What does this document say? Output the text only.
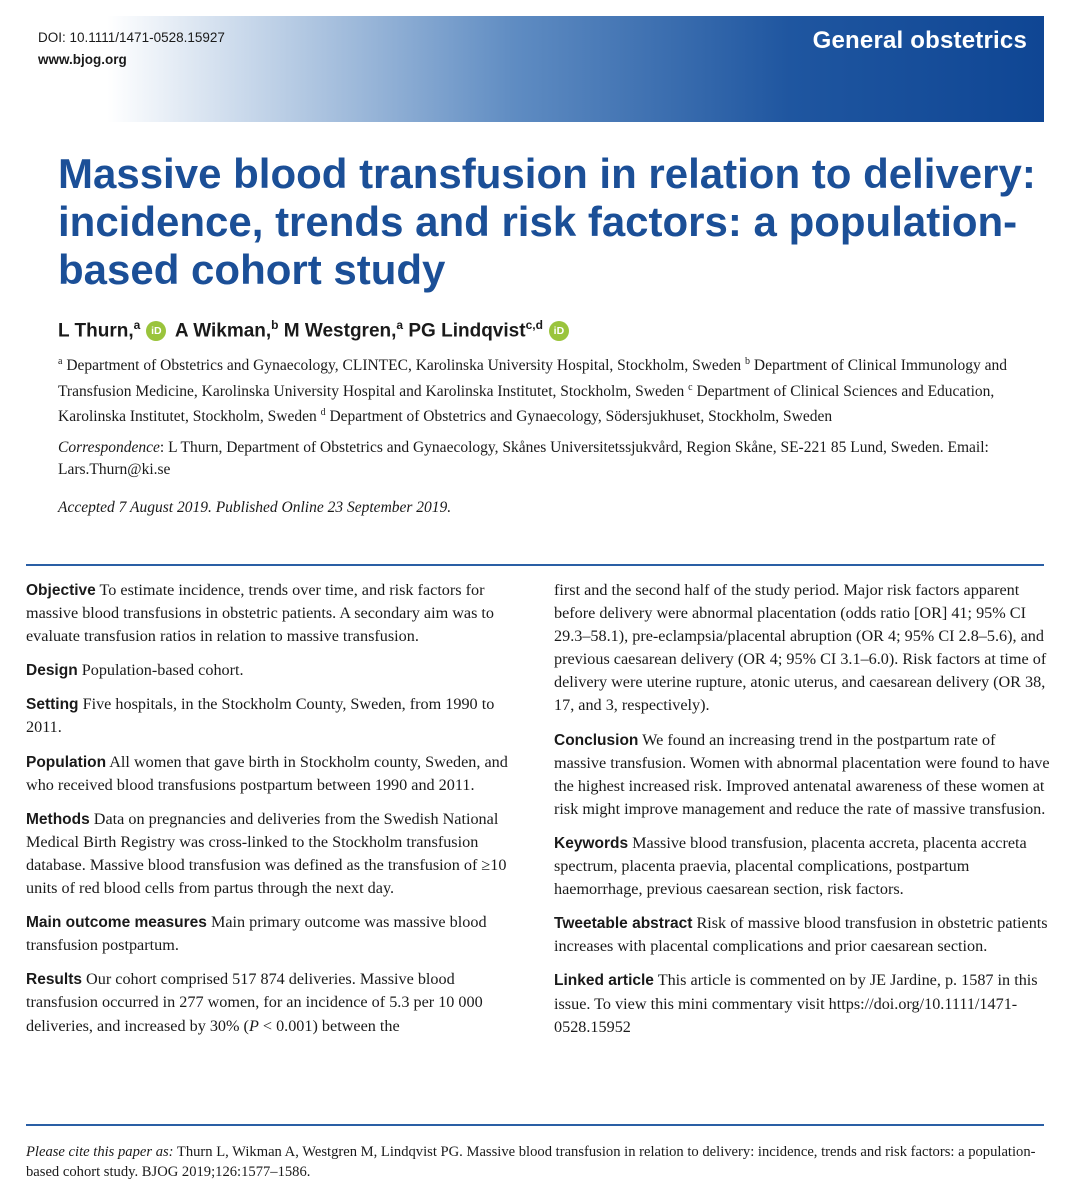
DOI: 10.1111/1471-0528.15927
www.bjog.org
General obstetrics
Massive blood transfusion in relation to delivery: incidence, trends and risk factors: a population-based cohort study
L Thurn,$^a$ iD A Wikman,$^b$ M Westgren,$^a$ PG Lindqvist$^{c,d}$ iD
$^a$ Department of Obstetrics and Gynaecology, CLINTEC, Karolinska University Hospital, Stockholm, Sweden $^b$ Department of Clinical Immunology and Transfusion Medicine, Karolinska University Hospital and Karolinska Institutet, Stockholm, Sweden $^c$ Department of Clinical Sciences and Education, Karolinska Institutet, Stockholm, Sweden $^d$ Department of Obstetrics and Gynaecology, Södersjukhuset, Stockholm, Sweden
Correspondence: L Thurn, Department of Obstetrics and Gynaecology, Skånes Universitetssjukvård, Region Skåne, SE-221 85 Lund, Sweden. Email: Lars.Thurn@ki.se
Accepted 7 August 2019. Published Online 23 September 2019.

Objective To estimate incidence, trends over time, and risk factors for massive blood transfusions in obstetric patients. A secondary aim was to evaluate transfusion ratios in relation to massive transfusion.

Design Population-based cohort.

Setting Five hospitals, in the Stockholm County, Sweden, from 1990 to 2011.

Population All women that gave birth in Stockholm county, Sweden, and who received blood transfusions postpartum between 1990 and 2011.

Methods Data on pregnancies and deliveries from the Swedish National Medical Birth Registry was cross-linked to the Stockholm transfusion database. Massive blood transfusion was defined as the transfusion of ≥10 units of red blood cells from partus through the next day.

Main outcome measures Main primary outcome was massive blood transfusion postpartum.

Results Our cohort comprised 517 874 deliveries. Massive blood transfusion occurred in 277 women, for an incidence of 5.3 per 10 000 deliveries, and increased by 30% (P < 0.001) between the

first and the second half of the study period. Major risk factors apparent before delivery were abnormal placentation (odds ratio [OR] 41; 95% CI 29.3–58.1), pre-eclampsia/placental abruption (OR 4; 95% CI 2.8–5.6), and previous caesarean delivery (OR 4; 95% CI 3.1–6.0). Risk factors at time of delivery were uterine rupture, atonic uterus, and caesarean delivery (OR 38, 17, and 3, respectively).

Conclusion We found an increasing trend in the postpartum rate of massive transfusion. Women with abnormal placentation were found to have the highest increased risk. Improved antenatal awareness of these women at risk might improve management and reduce the rate of massive transfusion.

Keywords Massive blood transfusion, placenta accreta, placenta accreta spectrum, placenta praevia, placental complications, postpartum haemorrhage, previous caesarean section, risk factors.

Tweetable abstract Risk of massive blood transfusion in obstetric patients increases with placental complications and prior caesarean section.

Linked article This article is commented on by JE Jardine, p. 1587 in this issue. To view this mini commentary visit https://doi.org/10.1111/1471-0528.15952

Please cite this paper as: Thurn L, Wikman A, Westgren M, Lindqvist PG. Massive blood transfusion in relation to delivery: incidence, trends and risk factors: a population-based cohort study. BJOG 2019;126:1577–1586.
